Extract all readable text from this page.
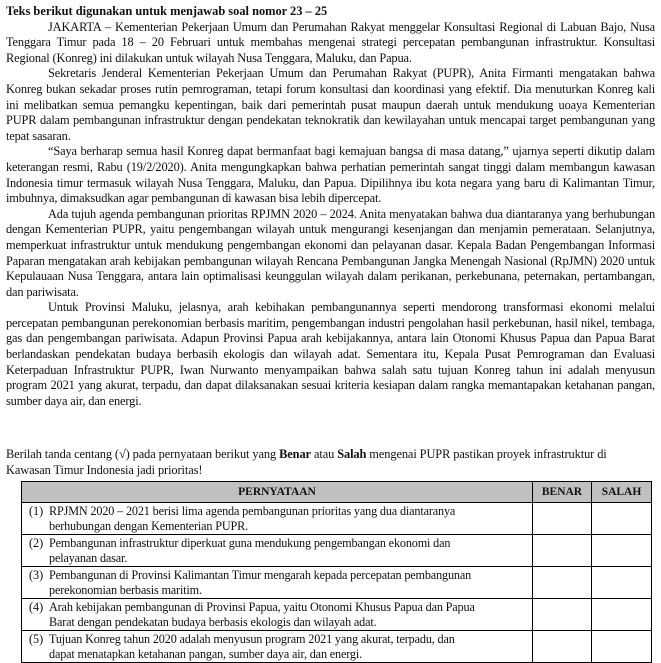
Teks berikut digunakan untuk menjawab soal nomor 23 – 25

JAKARTA – Kementerian Pekerjaan Umum dan Perumahan Rakyat menggelar Konsultasi Regional di Labuan Bajo, Nusa Tenggara Timur pada 18 – 20 Februari untuk membahas mengenai strategi percepatan pembangunan infrastruktur. Konsultasi Regional (Konreg) ini dilakukan untuk wilayah Nusa Tenggara, Maluku, dan Papua.

Sekretaris Jenderal Kementerian Pekerjaan Umum dan Perumahan Rakyat (PUPR), Anita Firmanti mengatakan bahwa Konreg bukan sekadar proses rutin pemrograman, tetapi forum konsultasi dan koordinasi yang efektif. Dia menuturkan Konreg kali ini melibatkan semua pemangku kepentingan, baik dari pemerintah pusat maupun daerah untuk mendukung uoaya Kementerian PUPR dalam pembangunan infrastruktur dengan pendekatan teknokratik dan kewilayahan untuk mencapai target pembangunan yang tepat sasaran.

“Saya berharap semua hasil Konreg dapat bermanfaat bagi kemajuan bangsa di masa datang,” ujarnya seperti dikutip dalam keterangan resmi, Rabu (19/2/2020). Anita mengungkapkan bahwa perhatian pemerintah sangat tinggi dalam membangun kawasan Indonesia timur termasuk wilayah Nusa Tenggara, Maluku, dan Papua. Dipilihnya ibu kota negara yang baru di Kalimantan Timur, imbuhnya, dimaksudkan agar pembangunan di kawasan bisa lebih dipercepat.

Ada tujuh agenda pembangunan prioritas RPJMN 2020 – 2024. Anita menyatakan bahwa dua diantaranya yang berhubungan dengan Kementerian PUPR, yaitu pengembangan wilayah untuk mengurangi kesenjangan dan menjamin pemerataan. Selanjutnya, memperkuat infrastruktur untuk mendukung pengembangan ekonomi dan pelayanan dasar. Kepala Badan Pengembangan Informasi Paparan mengatakan arah kebijakan pembangunan wilayah Rencana Pembangunan Jangka Menengah Nasional (RpJMN) 2020 untuk Kepulauaan Nusa Tenggara, antara lain optimalisasi keunggulan wilayah dalam perikanan, perkebunana, peternakan, pertambangan, dan pariwisata.

Untuk Provinsi Maluku, jelasnya, arah kebihakan pembangunannya seperti mendorong transformasi ekonomi melalui percepatan pembangunan perekonomian berbasis maritim, pengembangan industri pengolahan hasil perkebunan, hasil nikel, tembaga, gas dan pengembangan pariwisata. Adapun Provinsi Papua arah kebijakannya, antara lain Otonomi Khusus Papua dan Papua Barat berlandaskan pendekatan budaya berbasih ekologis dan wilayah adat. Sementara itu, Kepala Pusat Pemrograman dan Evaluasi Keterpaduan Infrastruktur PUPR, Iwan Nurwanto menyampaikan bahwa salah satu tujuan Konreg tahun ini adalah menyusun program 2021 yang akurat, terpadu, dan dapat dilaksanakan sesuai kriteria kesiapan dalam rangka memantapakan ketahanan pangan, sumber daya air, dan energi.

Berilah tanda centang (√) pada pernyataan berikut yang Benar atau Salah mengenai PUPR pastikan proyek infrastruktur di Kawasan Timur Indonesia jadi prioritas!

PERNYATAAN	BENAR	SALAH

(1) RPJMN 2020 – 2021 berisi lima agenda pembangunan prioritas yang dua diantaranya
berhubungan dengan Kementerian PUPR.		

(2) Pembangunan infrastruktur diperkuat guna mendukung pengembangan ekonomi dan
pelayanan dasar.		

(3) Pembangunan di Provinsi Kalimantan Timur mengarah kepada percepatan pembangunan
perekonomian berbasis maritim.		

(4) Arah kebijakan pembangunan di Provinsi Papua, yaitu Otonomi Khusus Papua dan Papua
Barat dengan pendekatan budaya berbasis ekologis dan wilayah adat.		

(5) Tujuan Konreg tahun 2020 adalah menyusun program 2021 yang akurat, terpadu, dan
dapat menatapkan ketahanan pangan, sumber daya air, dan energi.		
